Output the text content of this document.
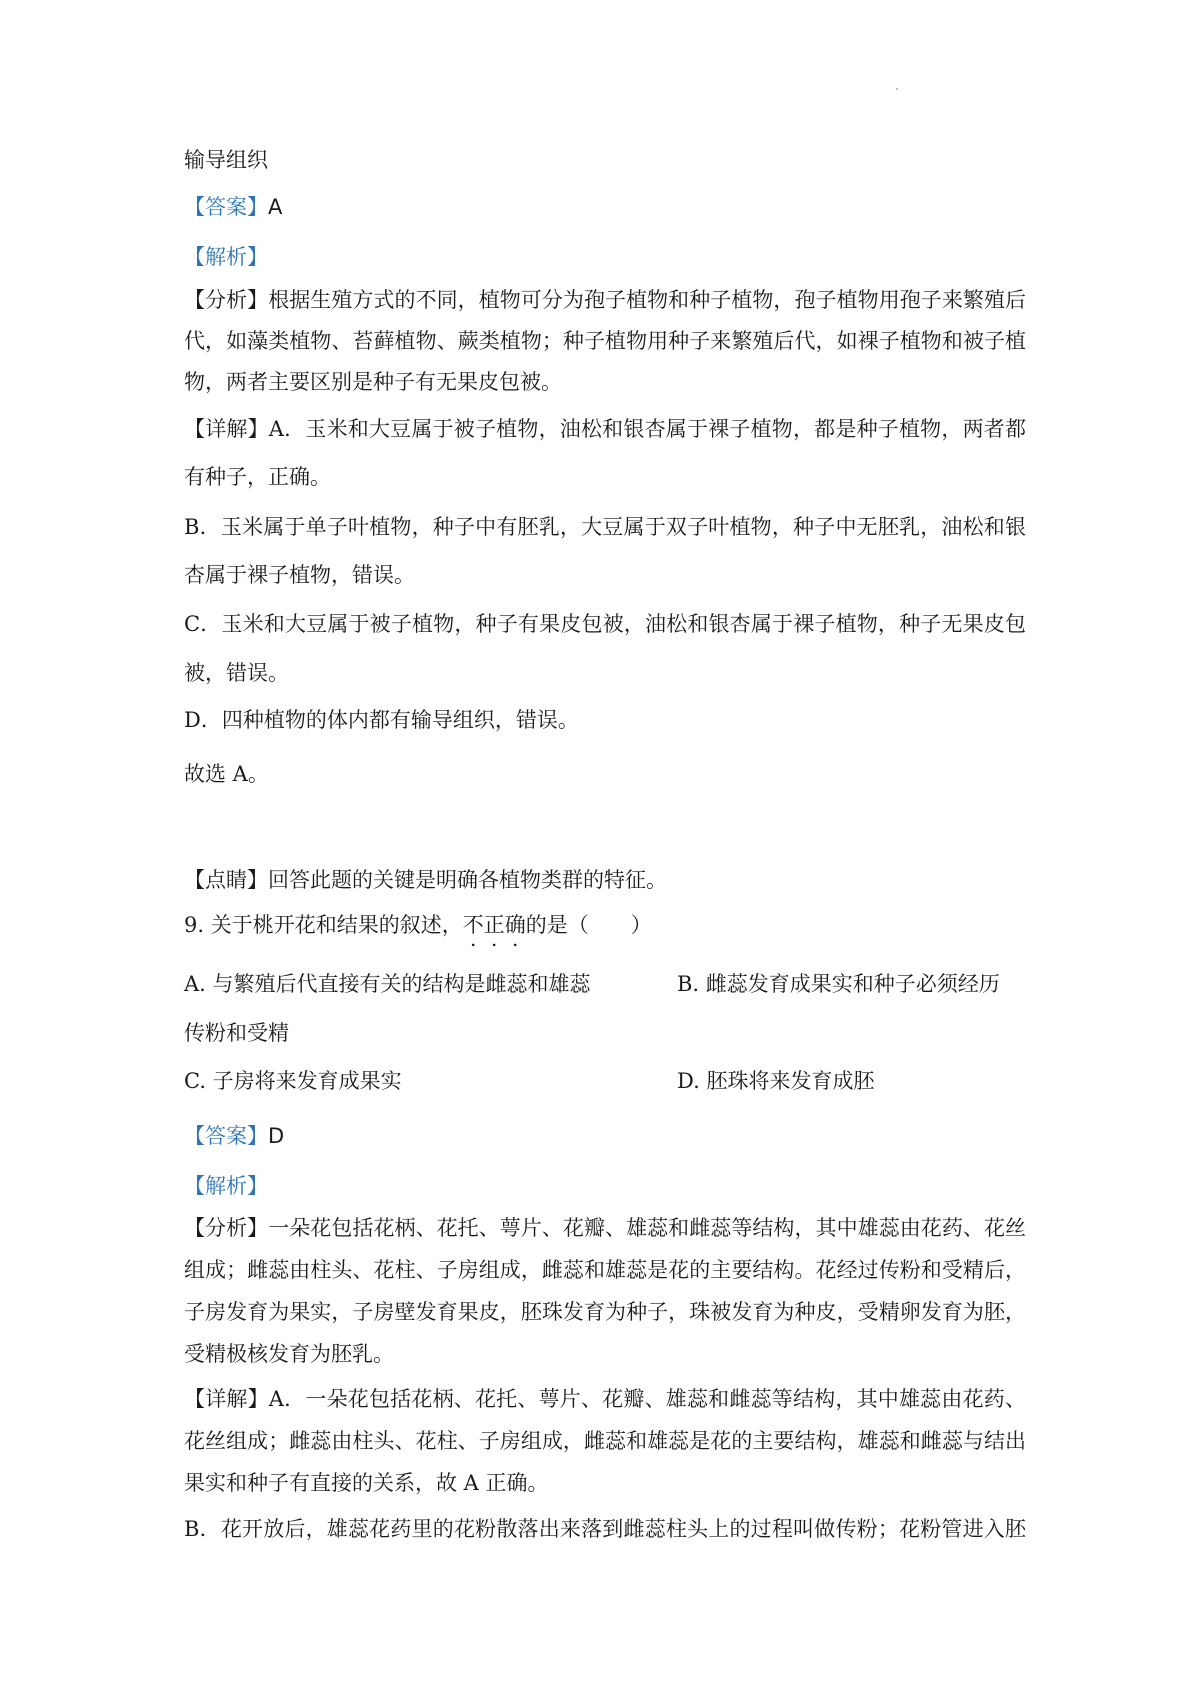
输导组织
【答案】A
【解析】
【分析】根据生殖方式的不同，植物可分为孢子植物和种子植物，孢子植物用孢子来繁殖后
代，如藻类植物、苔藓植物、蕨类植物；种子植物用种子来繁殖后代，如裸子植物和被子植
物，两者主要区别是种子有无果皮包被。
【详解】A．玉米和大豆属于被子植物，油松和银杏属于裸子植物，都是种子植物，两者都
有种子，正确。
B．玉米属于单子叶植物，种子中有胚乳，大豆属于双子叶植物，种子中无胚乳，油松和银
杏属于裸子植物，错误。
C．玉米和大豆属于被子植物，种子有果皮包被，油松和银杏属于裸子植物，种子无果皮包
被，错误。
D．四种植物的体内都有输导组织，错误。
故选 A。
【点睛】回答此题的关键是明确各植物类群的特征。
9. 关于桃开花和结果的叙述，不正确的是（　　）
A. 与繁殖后代直接有关的结构是雌蕊和雄蕊	B. 雌蕊发育成果实和种子必须经历
传粉和受精
C. 子房将来发育成果实	D. 胚珠将来发育成胚
【答案】D
【解析】
【分析】一朵花包括花柄、花托、萼片、花瓣、雄蕊和雌蕊等结构，其中雄蕊由花药、花丝
组成；雌蕊由柱头、花柱、子房组成，雌蕊和雄蕊是花的主要结构。花经过传粉和受精后，
子房发育为果实，子房壁发育果皮，胚珠发育为种子，珠被发育为种皮，受精卵发育为胚，
受精极核发育为胚乳。
【详解】A．一朵花包括花柄、花托、萼片、花瓣、雄蕊和雌蕊等结构，其中雄蕊由花药、
花丝组成；雌蕊由柱头、花柱、子房组成，雌蕊和雄蕊是花的主要结构，雄蕊和雌蕊与结出
果实和种子有直接的关系，故 A 正确。
B．花开放后，雄蕊花药里的花粉散落出来落到雌蕊柱头上的过程叫做传粉；花粉管进入胚
